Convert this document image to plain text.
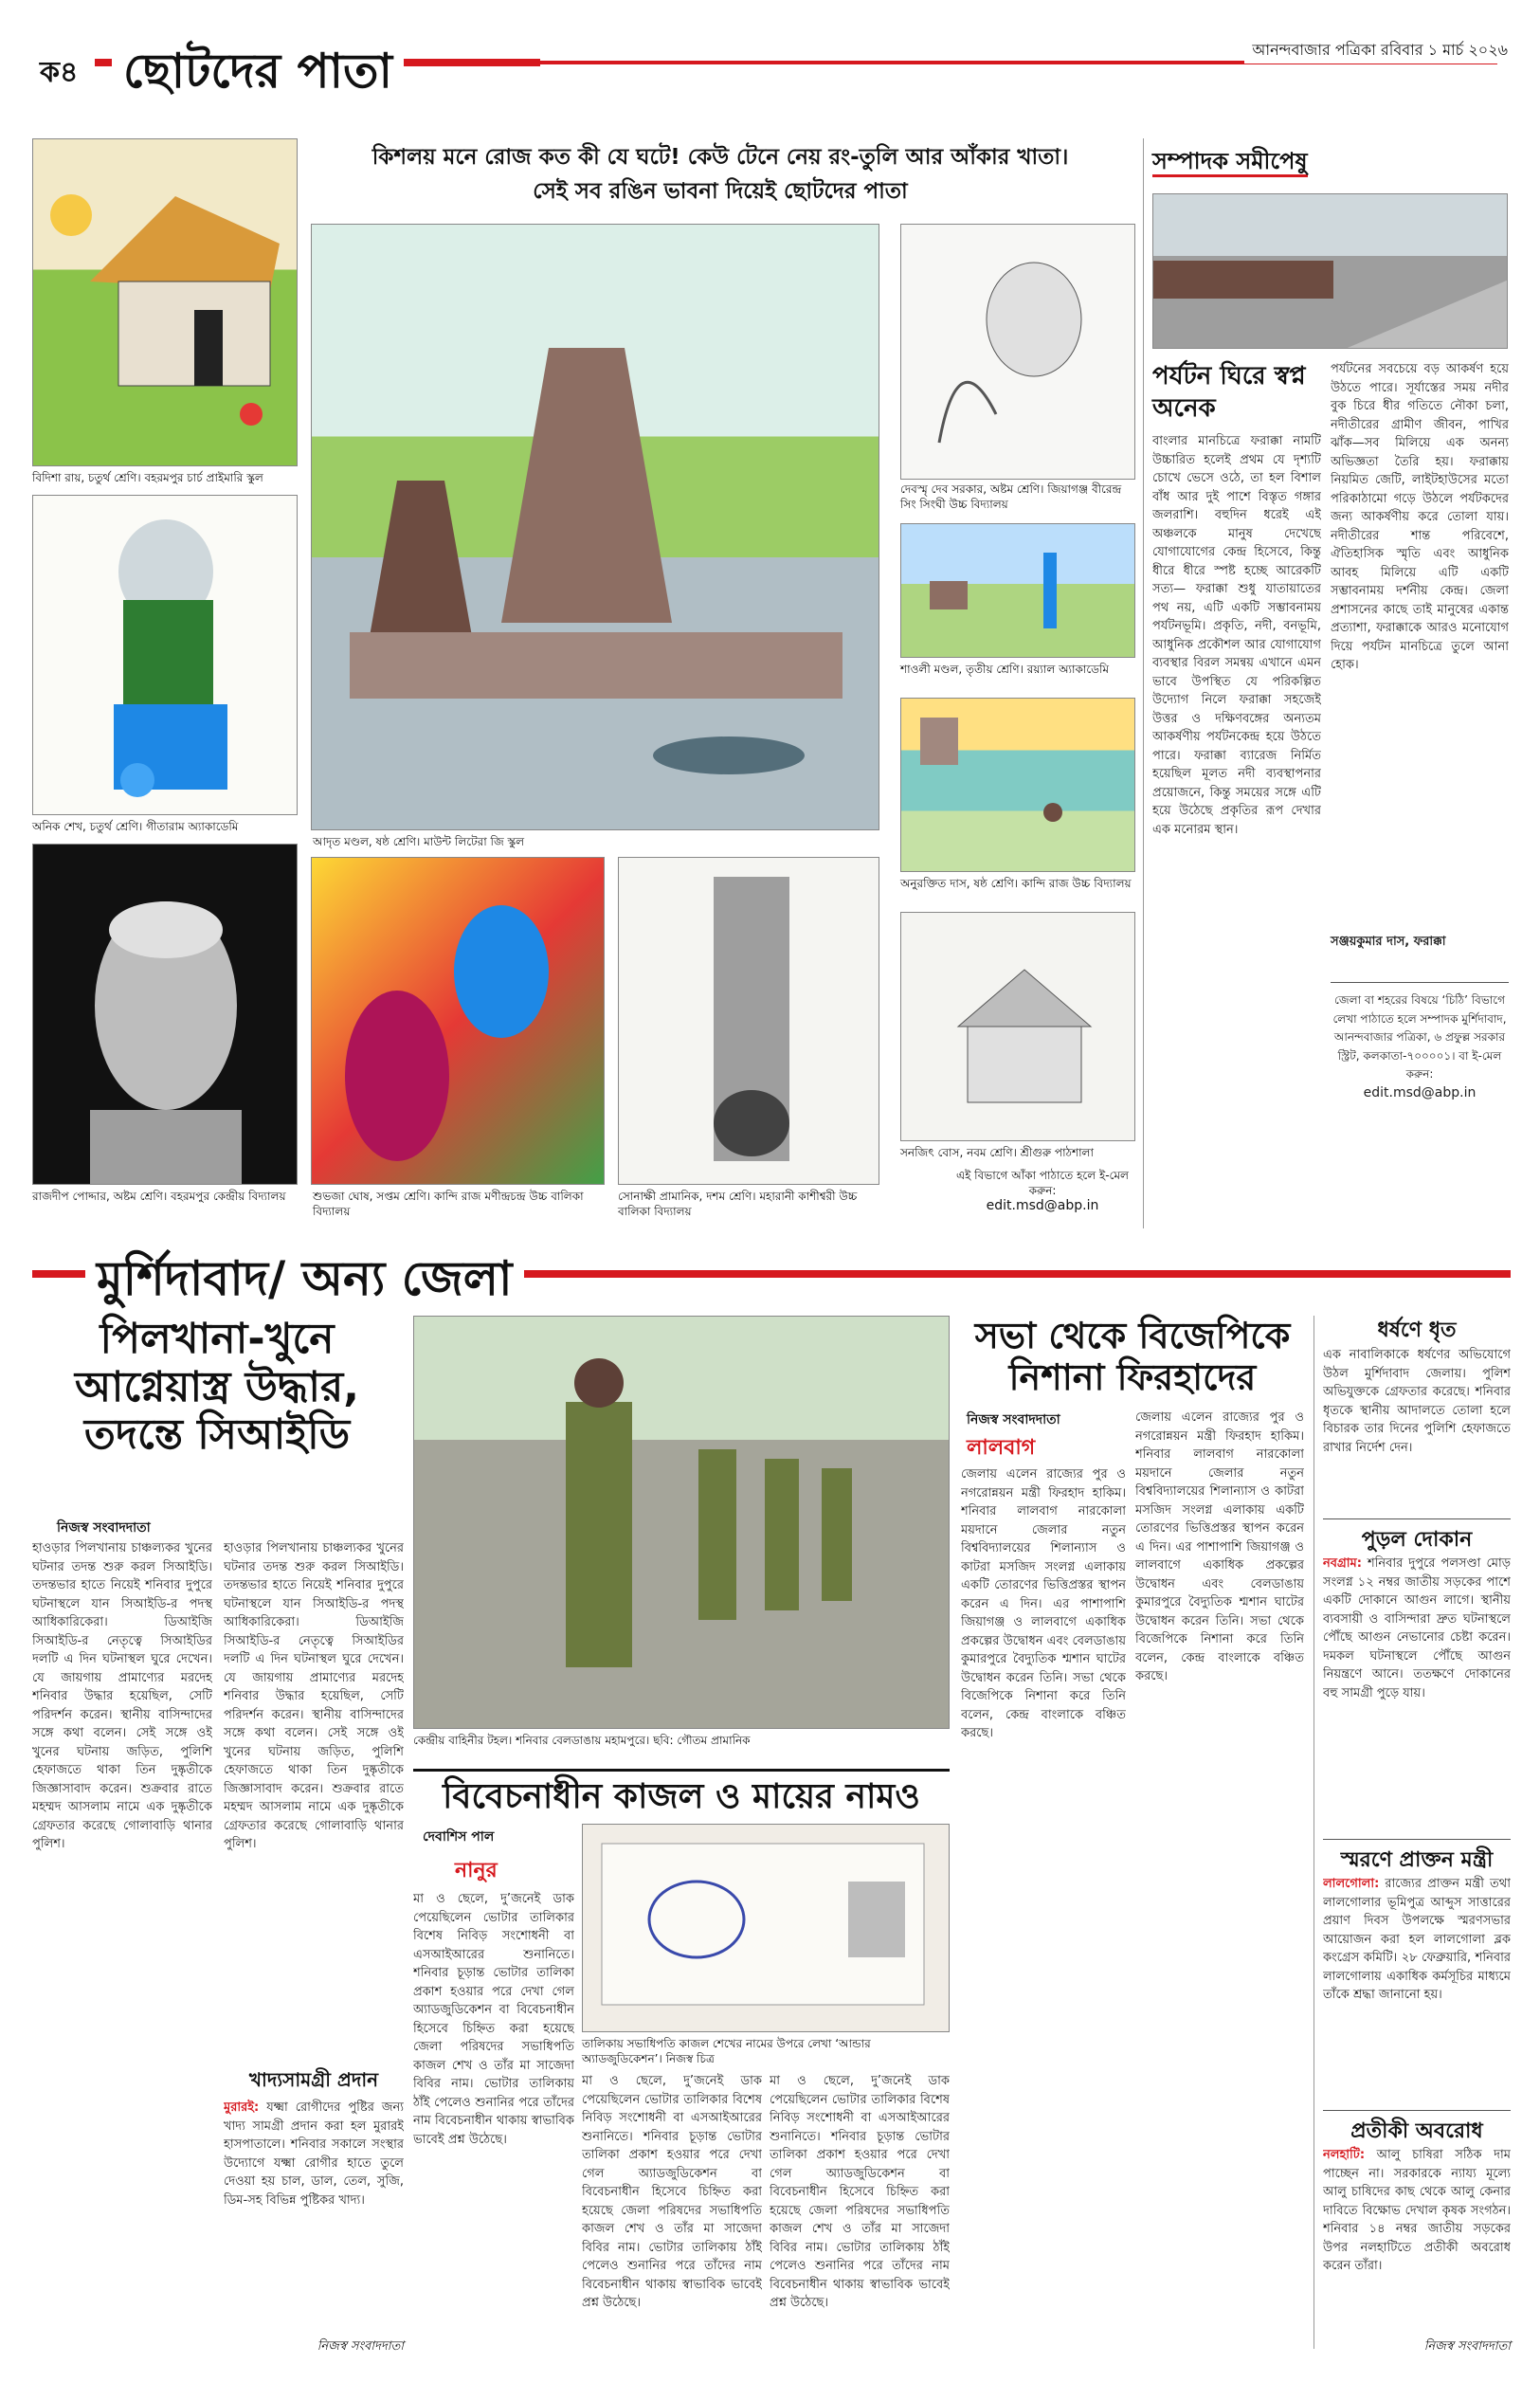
ক৪ ছোটদের পাতা	আনন্দবাজার পত্রিকা রবিবার ১ মার্চ ২০২৬
কিশলয় মনে রোজ কত কী যে ঘটে! কেউ টেনে নেয় রং-তুলি আর আঁকার খাতা।
সেই সব রঙিন ভাবনা দিয়েই ছোটদের পাতা
বিদিশা রায়, চতুর্থ শ্রেণি। বহরমপুর চার্চ প্রাইমারি স্কুল
অনিক শেখ, চতুর্থ শ্রেণি। গীতারাম অ্যাকাডেমি
রাজদীপ পোদ্দার, অষ্টম শ্রেণি। বহরমপুর কেন্দ্রীয় বিদ্যালয়
আদৃত মণ্ডল, ষষ্ঠ শ্রেণি। মাউন্ট লিটেরা জি স্কুল
শুভজা ঘোষ, সপ্তম শ্রেণি। কান্দি রাজ মণীন্দ্রচন্দ্র উচ্চ বালিকা বিদ্যালয়
সোনাক্ষী প্রামানিক, দশম শ্রেণি। মহারানী কাশীশ্বরী উচ্চ বালিকা বিদ্যালয়
দেবস্মৃ দেব সরকার, অষ্টম শ্রেণি। জিয়াগঞ্জ বীরেন্দ্র সিং সিংঘী উচ্চ বিদ্যালয়
শাওলী মণ্ডল, তৃতীয় শ্রেণি। রয়্যাল অ্যাকাডেমি
অনুরক্তিত দাস, ষষ্ঠ শ্রেণি। কান্দি রাজ উচ্চ বিদ্যালয়
সনজিৎ বোস, নবম শ্রেণি। শ্রীগুরু পাঠশালা
এই বিভাগে আঁকা পাঠাতে হলে ই-মেল করুন:
edit.msd@abp.in
সম্পাদক সমীপেষু
পর্যটন ঘিরে স্বপ্ন অনেক
বাংলার মানচিত্রে ফরাক্কা নামটি উচ্চারিত হলেই প্রথম যে দৃশ্যটি চোখে ভেসে ওঠে, তা হল বিশাল বাঁধ আর দুই পাশে বিস্তৃত গঙ্গার জলরাশি। বহুদিন ধরেই এই অঞ্চলকে মানুষ দেখেছে যোগাযোগের কেন্দ্র হিসেবে, কিন্তু ধীরে ধীরে স্পষ্ট হচ্ছে আরেকটি সত্য— ফরাক্কা শুধু যাতায়াতের পথ নয়, এটি একটি সম্ভাবনাময় পর্যটনভূমি। প্রকৃতি, নদী, বনভূমি, আধুনিক প্রকৌশল আর যোগাযোগ ব্যবস্থার বিরল সমন্বয় এখানে এমন ভাবে উপস্থিত যে পরিকল্পিত উদ্যোগ নিলে ফরাক্কা সহজেই উত্তর ও দক্ষিণবঙ্গের অন্যতম আকর্ষণীয় পর্যটনকেন্দ্র হয়ে উঠতে পারে। ফরাক্কা ব্যারেজ নির্মিত হয়েছিল মূলত নদী ব্যবস্থাপনার প্রয়োজনে, কিন্তু সময়ের সঙ্গে এটি হয়ে উঠেছে প্রকৃতির রূপ দেখার এক মনোরম স্থান।
পর্যটনের সবচেয়ে বড় আকর্ষণ হয়ে উঠতে পারে। সূর্যাস্তের সময় নদীর বুক চিরে ধীর গতিতে নৌকা চলা, নদীতীরের গ্রামীণ জীবন, পাখির ঝাঁক—সব মিলিয়ে এক অনন্য অভিজ্ঞতা তৈরি হয়। ফরাক্কায় নিয়মিত জেটি, লাইটহাউসের মতো পরিকাঠামো গড়ে উঠলে পর্যটকদের জন্য আকর্ষণীয় করে তোলা যায়। নদীতীরের শান্ত পরিবেশে, ঐতিহাসিক স্মৃতি এবং আধুনিক আবহ মিলিয়ে এটি একটি সম্ভাবনাময় দর্শনীয় কেন্দ্র। জেলা প্রশাসনের কাছে তাই মানুষের একান্ত প্রত্যাশা, ফরাক্কাকে আরও মনোযোগ দিয়ে পর্যটন মানচিত্রে তুলে আনা হোক।
সঞ্জয়কুমার দাস, ফরাক্কা
জেলা বা শহরের বিষয়ে ‘চিঠি’ বিভাগে লেখা পাঠাতে হলে সম্পাদক মুর্শিদাবাদ, আনন্দবাজার পত্রিকা, ৬ প্রফুল্ল সরকার স্ট্রিট, কলকাতা-৭০০০০১। বা ই-মেল করুন:
edit.msd@abp.in
মুর্শিদাবাদ/ অন্য জেলা
পিলখানা-খুনে আগ্নেয়াস্ত্র উদ্ধার, তদন্তে সিআইডি
নিজস্ব সংবাদদাতা
হাওড়ার পিলখানায় চাঞ্চল্যকর খুনের ঘটনার তদন্ত শুরু করল সিআইডি। তদন্তভার হাতে নিয়েই শনিবার দুপুরে ঘটনাস্থলে যান সিআইডি-র পদস্থ আধিকারিকেরা। ডিআইজি সিআইডি-র নেতৃত্বে সিআইডির দলটি এ দিন ঘটনাস্থল ঘুরে দেখেন। যে জায়গায় প্রামাণ্যের মরদেহ শনিবার উদ্ধার হয়েছিল, সেটি পরিদর্শন করেন। স্থানীয় বাসিন্দাদের সঙ্গে কথা বলেন। সেই সঙ্গে ওই খুনের ঘটনায় জড়িত, পুলিশি হেফাজতে থাকা তিন দুষ্কৃতীকে জিজ্ঞাসাবাদ করেন। শুক্রবার রাতে মহম্মদ আসলাম নামে এক দুষ্কৃতীকে গ্রেফতার করেছে গোলাবাড়ি থানার পুলিশ।
হাওড়ার পিলখানায় চাঞ্চল্যকর খুনের ঘটনার তদন্ত শুরু করল সিআইডি। তদন্তভার হাতে নিয়েই শনিবার দুপুরে ঘটনাস্থলে যান সিআইডি-র পদস্থ আধিকারিকেরা। ডিআইজি সিআইডি-র নেতৃত্বে সিআইডির দলটি এ দিন ঘটনাস্থল ঘুরে দেখেন। যে জায়গায় প্রামাণ্যের মরদেহ শনিবার উদ্ধার হয়েছিল, সেটি পরিদর্শন করেন। স্থানীয় বাসিন্দাদের সঙ্গে কথা বলেন। সেই সঙ্গে ওই খুনের ঘটনায় জড়িত, পুলিশি হেফাজতে থাকা তিন দুষ্কৃতীকে জিজ্ঞাসাবাদ করেন। শুক্রবার রাতে মহম্মদ আসলাম নামে এক দুষ্কৃতীকে গ্রেফতার করেছে গোলাবাড়ি থানার পুলিশ।
খাদ্যসামগ্রী প্রদান
মুরারই: যক্ষ্মা রোগীদের পুষ্টির জন্য খাদ্য সামগ্রী প্রদান করা হল মুরারই হাসপাতালে। শনিবার সকালে সংস্থার উদ্যোগে যক্ষ্মা রোগীর হাতে তুলে দেওয়া হয় চাল, ডাল, তেল, সুজি, ডিম-সহ বিভিন্ন পুষ্টিকর খাদ্য।
নিজস্ব সংবাদদাতা
কেন্দ্রীয় বাহিনীর টহল। শনিবার বেলডাঙায় মহামপুরে। ছবি: গৌতম প্রামানিক
বিবেচনাধীন কাজল ও মায়ের নামও
দেবাশিস পাল
নানুর
মা ও ছেলে, দু’জনেই ডাক পেয়েছিলেন ভোটার তালিকার বিশেষ নিবিড় সংশোধনী বা এসআইআরের শুনানিতে। শনিবার চূড়ান্ত ভোটার তালিকা প্রকাশ হওয়ার পরে দেখা গেল অ্যাডজুডিকেশন বা বিবেচনাধীন হিসেবে চিহ্নিত করা হয়েছে জেলা পরিষদের সভাধিপতি কাজল শেখ ও তাঁর মা সাজেদা বিবির নাম। ভোটার তালিকায় ঠাঁই পেলেও শুনানির পরে তাঁদের নাম বিবেচনাধীন থাকায় স্বাভাবিক ভাবেই প্রশ্ন উঠেছে।
তালিকায় সভাধিপতি কাজল শেখের নামের উপরে লেখা ‘আন্ডার অ্যাডজুডিকেশন’। নিজস্ব চিত্র
মা ও ছেলে, দু’জনেই ডাক পেয়েছিলেন ভোটার তালিকার বিশেষ নিবিড় সংশোধনী বা এসআইআরের শুনানিতে। শনিবার চূড়ান্ত ভোটার তালিকা প্রকাশ হওয়ার পরে দেখা গেল অ্যাডজুডিকেশন বা বিবেচনাধীন হিসেবে চিহ্নিত করা হয়েছে জেলা পরিষদের সভাধিপতি কাজল শেখ ও তাঁর মা সাজেদা বিবির নাম। ভোটার তালিকায় ঠাঁই পেলেও শুনানির পরে তাঁদের নাম বিবেচনাধীন থাকায় স্বাভাবিক ভাবেই প্রশ্ন উঠেছে।
মা ও ছেলে, দু’জনেই ডাক পেয়েছিলেন ভোটার তালিকার বিশেষ নিবিড় সংশোধনী বা এসআইআরের শুনানিতে। শনিবার চূড়ান্ত ভোটার তালিকা প্রকাশ হওয়ার পরে দেখা গেল অ্যাডজুডিকেশন বা বিবেচনাধীন হিসেবে চিহ্নিত করা হয়েছে জেলা পরিষদের সভাধিপতি কাজল শেখ ও তাঁর মা সাজেদা বিবির নাম। ভোটার তালিকায় ঠাঁই পেলেও শুনানির পরে তাঁদের নাম বিবেচনাধীন থাকায় স্বাভাবিক ভাবেই প্রশ্ন উঠেছে।
সভা থেকে বিজেপিকে নিশানা ফিরহাদের
নিজস্ব সংবাদদাতা
লালবাগ
জেলায় এলেন রাজ্যের পুর ও নগরোন্নয়ন মন্ত্রী ফিরহাদ হাকিম। শনিবার লালবাগ নারকোলা ময়দানে জেলার নতুন বিশ্ববিদ্যালয়ের শিলান্যাস ও কাটরা মসজিদ সংলগ্ন এলাকায় একটি তোরণের ভিত্তিপ্রস্তর স্থাপন করেন এ দিন। এর পাশাপাশি জিয়াগঞ্জ ও লালবাগে একাধিক প্রকল্পের উদ্বোধন এবং বেলডাঙায় কুমারপুরে বৈদ্যুতিক শ্মশান ঘাটের উদ্বোধন করেন তিনি। সভা থেকে বিজেপিকে নিশানা করে তিনি বলেন, কেন্দ্র বাংলাকে বঞ্চিত করছে।
জেলায় এলেন রাজ্যের পুর ও নগরোন্নয়ন মন্ত্রী ফিরহাদ হাকিম। শনিবার লালবাগ নারকোলা ময়দানে জেলার নতুন বিশ্ববিদ্যালয়ের শিলান্যাস ও কাটরা মসজিদ সংলগ্ন এলাকায় একটি তোরণের ভিত্তিপ্রস্তর স্থাপন করেন এ দিন। এর পাশাপাশি জিয়াগঞ্জ ও লালবাগে একাধিক প্রকল্পের উদ্বোধন এবং বেলডাঙায় কুমারপুরে বৈদ্যুতিক শ্মশান ঘাটের উদ্বোধন করেন তিনি। সভা থেকে বিজেপিকে নিশানা করে তিনি বলেন, কেন্দ্র বাংলাকে বঞ্চিত করছে।
ধর্ষণে ধৃত
এক নাবালিকাকে ধর্ষণের অভিযোগে উঠল মুর্শিদাবাদ জেলায়। পুলিশ অভিযুক্তকে গ্রেফতার করেছে। শনিবার ধৃতকে স্থানীয় আদালতে তোলা হলে বিচারক তার দিনের পুলিশি হেফাজতে রাখার নির্দেশ দেন।
পুড়ল দোকান
নবগ্রাম: শনিবার দুপুরে পলসণ্ডা মোড় সংলগ্ন ১২ নম্বর জাতীয় সড়কের পাশে একটি দোকানে আগুন লাগে। স্থানীয় ব্যবসায়ী ও বাসিন্দারা দ্রুত ঘটনাস্থলে পৌঁছে আগুন নেভানোর চেষ্টা করেন। দমকল ঘটনাস্থলে পৌঁছে আগুন নিয়ন্ত্রণে আনে। ততক্ষণে দোকানের বহু সামগ্রী পুড়ে যায়।
স্মরণে প্রাক্তন মন্ত্রী
লালগোলা: রাজ্যের প্রাক্তন মন্ত্রী তথা লালগোলার ভূমিপুত্র আব্দুস সাত্তারের প্রয়াণ দিবস উপলক্ষে স্মরণসভার আয়োজন করা হল লালগোলা ব্লক কংগ্রেস কমিটি। ২৮ ফেব্রুয়ারি, শনিবার লালগোলায় একাধিক কর্মসূচির মাধ্যমে তাঁকে শ্রদ্ধা জানানো হয়।
প্রতীকী অবরোধ
নলহাটি: আলু চাষিরা সঠিক দাম পাচ্ছেন না। সরকারকে ন্যায্য মূল্যে আলু চাষিদের কাছ থেকে আলু কেনার দাবিতে বিক্ষোভ দেখাল কৃষক সংগঠন। শনিবার ১৪ নম্বর জাতীয় সড়কের উপর নলহাটিতে প্রতীকী অবরোধ করেন তাঁরা।
নিজস্ব সংবাদদাতা
